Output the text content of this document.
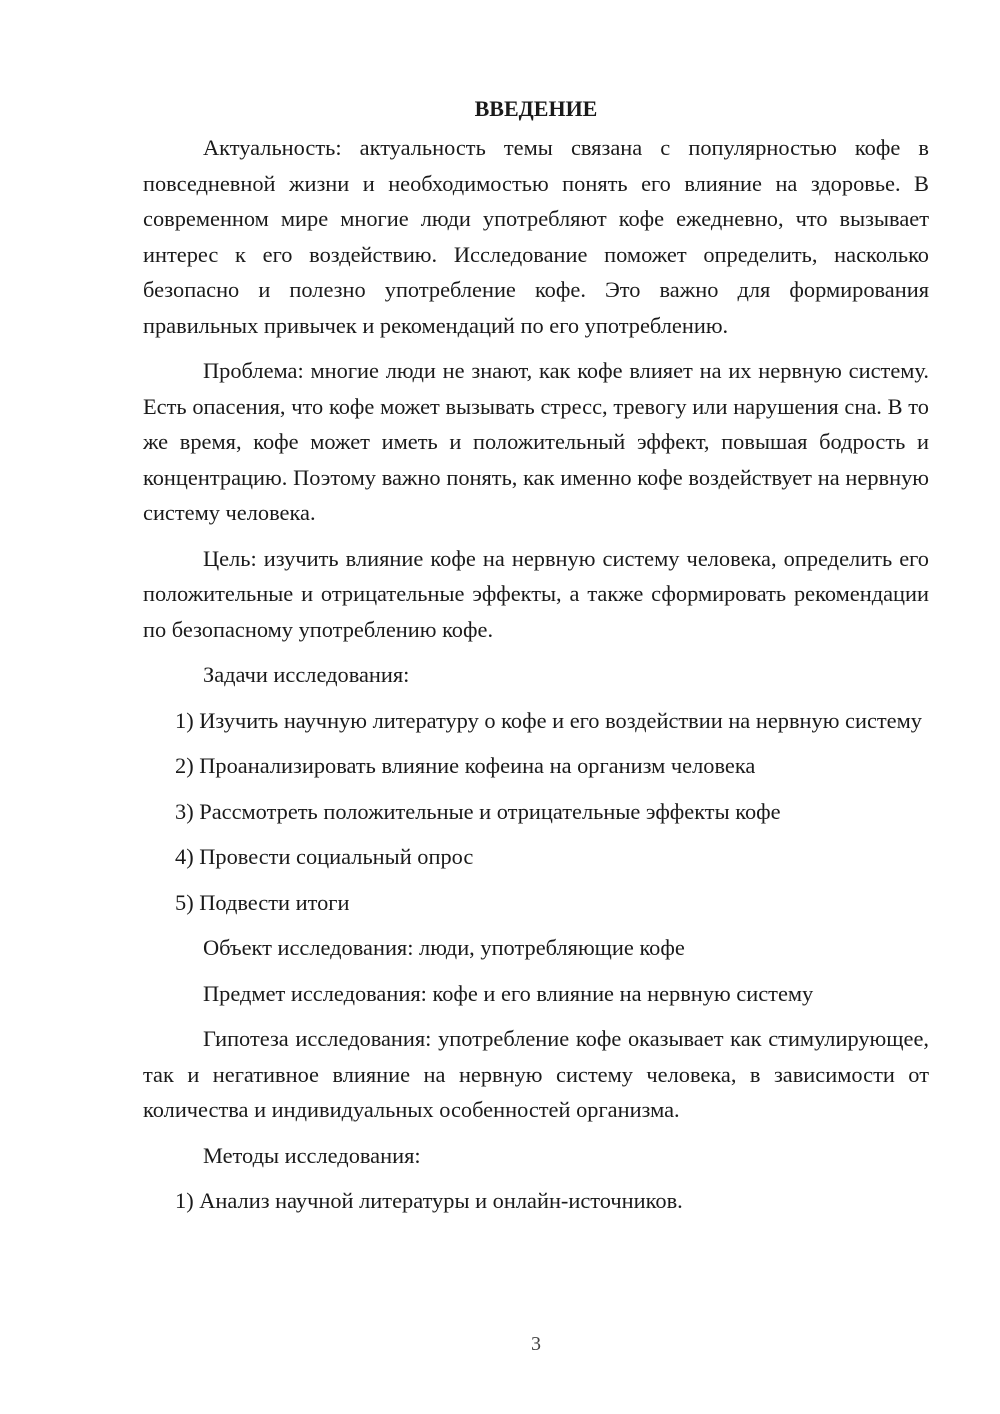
ВВЕДЕНИЕ

Актуальность: актуальность темы связана с популярностью кофе в повседневной жизни и необходимостью понять его влияние на здоровье. В современном мире многие люди употребляют кофе ежедневно, что вызывает интерес к его воздействию. Исследование поможет определить, насколько безопасно и полезно употребление кофе. Это важно для формирования правильных привычек и рекомендаций по его употреблению.

Проблема: многие люди не знают, как кофе влияет на их нервную систему. Есть опасения, что кофе может вызывать стресс, тревогу или нарушения сна. В то же время, кофе может иметь и положительный эффект, повышая бодрость и концентрацию. Поэтому важно понять, как именно кофе воздействует на нервную систему человека.

Цель: изучить влияние кофе на нервную систему человека, определить его положительные и отрицательные эффекты, а также сформировать рекомендации по безопасному употреблению кофе.

Задачи исследования:

1) Изучить научную литературу о кофе и его воздействии на нервную систему

2) Проанализировать влияние кофеина на организм человека

3) Рассмотреть положительные и отрицательные эффекты кофе

4) Провести социальный опрос

5) Подвести итоги

Объект исследования: люди, употребляющие кофе

Предмет исследования: кофе и его влияние на нервную систему

Гипотеза исследования: употребление кофе оказывает как стимулирующее, так и негативное влияние на нервную систему человека, в зависимости от количества и индивидуальных особенностей организма.

Методы исследования:

1) Анализ научной литературы и онлайн-источников.

3
